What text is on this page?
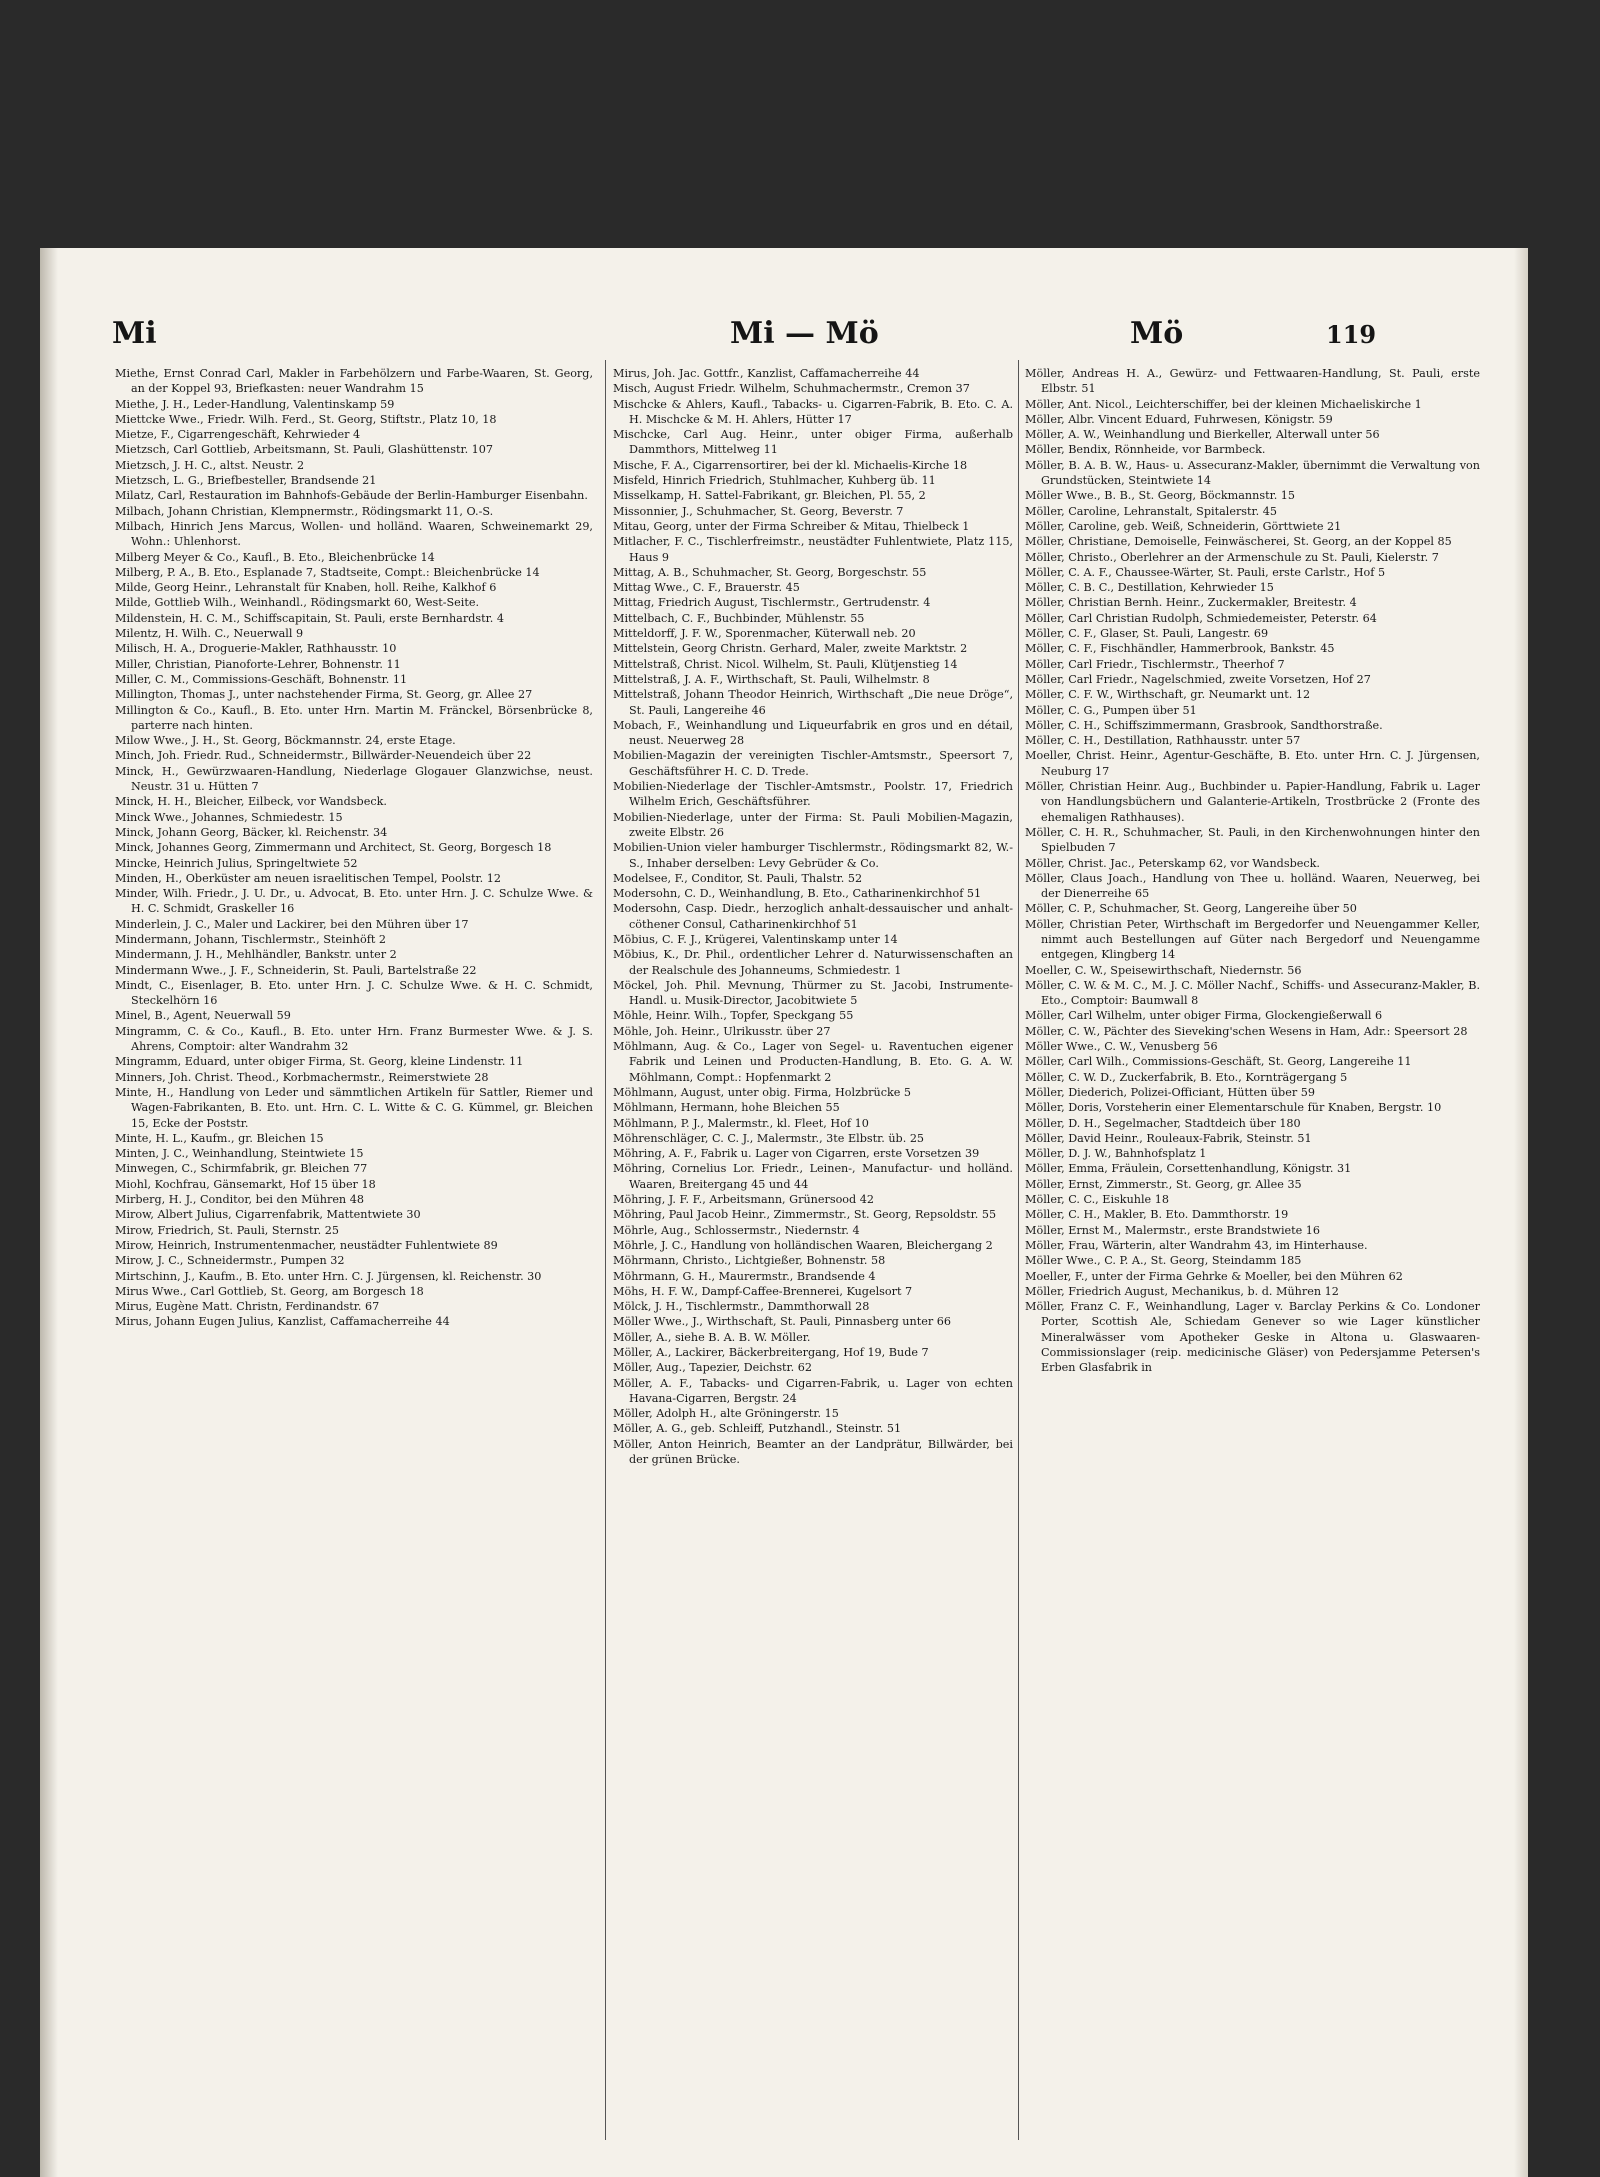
Mi	Mi — Mö	Mö	119
Miethe, Ernst Conrad Carl, Makler in Farbehölzern und Farbe-Waaren, St. Georg, an der Koppel 93, Briefkasten: neuer Wandrahm 15
Miethe, J. H., Leder-Handlung, Valentinskamp 59
Miettcke Wwe., Friedr. Wilh. Ferd., St. Georg, Stiftstr., Platz 10, 18
Mietze, F., Cigarrengeschäft, Kehrwieder 4
Mietzsch, Carl Gottlieb, Arbeitsmann, St. Pauli, Glashüttenstr. 107
Mietzsch, J. H. C., altst. Neustr. 2
Mietzsch, L. G., Briefbesteller, Brandsende 21
Milatz, Carl, Restauration im Bahnhofs-Gebäude der Berlin-Hamburger Eisenbahn.
Milbach, Johann Christian, Klempnermstr., Rödingsmarkt 11, O.-S.
Milbach, Hinrich Jens Marcus, Wollen- und holländ. Waaren, Schweinemarkt 29, Wohn.: Uhlenhorst.
Milberg Meyer & Co., Kaufl., B. Eto., Bleichenbrücke 14
Milberg, P. A., B. Eto., Esplanade 7, Stadtseite, Compt.: Bleichenbrücke 14
Milde, Georg Heinr., Lehranstalt für Knaben, holl. Reihe, Kalkhof 6
Milde, Gottlieb Wilh., Weinhandl., Rödingsmarkt 60, West-Seite.
Mildenstein, H. C. M., Schiffscapitain, St. Pauli, erste Bernhardstr. 4
Milentz, H. Wilh. C., Neuerwall 9
Milisch, H. A., Droguerie-Makler, Rathhausstr. 10
Miller, Christian, Pianoforte-Lehrer, Bohnenstr. 11
Miller, C. M., Commissions-Geschäft, Bohnenstr. 11
Millington, Thomas J., unter nachstehender Firma, St. Georg, gr. Allee 27
Millington & Co., Kaufl., B. Eto. unter Hrn. Martin M. Fränckel, Börsenbrücke 8, parterre nach hinten.
Milow Wwe., J. H., St. Georg, Böckmannstr. 24, erste Etage.
Minch, Joh. Friedr. Rud., Schneidermstr., Billwärder-Neuendeich über 22
Minck, H., Gewürzwaaren-Handlung, Niederlage Glogauer Glanzwichse, neust. Neustr. 31 u. Hütten 7
Minck, H. H., Bleicher, Eilbeck, vor Wandsbeck.
Minck Wwe., Johannes, Schmiedestr. 15
Minck, Johann Georg, Bäcker, kl. Reichenstr. 34
Minck, Johannes Georg, Zimmermann und Architect, St. Georg, Borgesch 18
Mincke, Heinrich Julius, Springeltwiete 52
Minden, H., Oberküster am neuen israelitischen Tempel, Poolstr. 12
Minder, Wilh. Friedr., J. U. Dr., u. Advocat, B. Eto. unter Hrn. J. C. Schulze Wwe. & H. C. Schmidt, Graskeller 16
Minderlein, J. C., Maler und Lackirer, bei den Mühren über 17
Mindermann, Johann, Tischlermstr., Steinhöft 2
Mindermann, J. H., Mehlhändler, Bankstr. unter 2
Mindermann Wwe., J. F., Schneiderin, St. Pauli, Bartelstraße 22
Mindt, C., Eisenlager, B. Eto. unter Hrn. J. C. Schulze Wwe. & H. C. Schmidt, Steckelhörn 16
Minel, B., Agent, Neuerwall 59
Mingramm, C. & Co., Kaufl., B. Eto. unter Hrn. Franz Burmester Wwe. & J. S. Ahrens, Comptoir: alter Wandrahm 32
Mingramm, Eduard, unter obiger Firma, St. Georg, kleine Lindenstr. 11
Minners, Joh. Christ. Theod., Korbmachermstr., Reimerstwiete 28
Minte, H., Handlung von Leder und sämmtlichen Artikeln für Sattler, Riemer und Wagen-Fabrikanten, B. Eto. unt. Hrn. C. L. Witte & C. G. Kümmel, gr. Bleichen 15, Ecke der Poststr.
Minte, H. L., Kaufm., gr. Bleichen 15
Minten, J. C., Weinhandlung, Steintwiete 15
Minwegen, C., Schirmfabrik, gr. Bleichen 77
Miohl, Kochfrau, Gänsemarkt, Hof 15 über 18
Mirberg, H. J., Conditor, bei den Mühren 48
Mirow, Albert Julius, Cigarrenfabrik, Mattentwiete 30
Mirow, Friedrich, St. Pauli, Sternstr. 25
Mirow, Heinrich, Instrumentenmacher, neustädter Fuhlentwiete 89
Mirow, J. C., Schneidermstr., Pumpen 32
Mirtschinn, J., Kaufm., B. Eto. unter Hrn. C. J. Jürgensen, kl. Reichenstr. 30
Mirus Wwe., Carl Gottlieb, St. Georg, am Borgesch 18
Mirus, Eugène Matt. Christn, Ferdinandstr. 67
Mirus, Johann Eugen Julius, Kanzlist, Caffamacherreihe 44
Mirus, Joh. Jac. Gottfr., Kanzlist, Caffamacherreihe 44
Misch, August Friedr. Wilhelm, Schuhmachermstr., Cremon 37
Mischcke & Ahlers, Kaufl., Tabacks- u. Cigarren-Fabrik, B. Eto. C. A. H. Mischcke & M. H. Ahlers, Hütter 17
Mischcke, Carl Aug. Heinr., unter obiger Firma, außerhalb Dammthors, Mittelweg 11
Mische, F. A., Cigarrensortirer, bei der kl. Michaelis-Kirche 18
Misfeld, Hinrich Friedrich, Stuhlmacher, Kuhberg üb. 11
Misselkamp, H. Sattel-Fabrikant, gr. Bleichen, Pl. 55, 2
Missonnier, J., Schuhmacher, St. Georg, Beverstr. 7
Mitau, Georg, unter der Firma Schreiber & Mitau, Thielbeck 1
Mitlacher, F. C., Tischlerfreimstr., neustädter Fuhlentwiete, Platz 115, Haus 9
Mittag, A. B., Schuhmacher, St. Georg, Borgeschstr. 55
Mittag Wwe., C. F., Brauerstr. 45
Mittag, Friedrich August, Tischlermstr., Gertrudenstr. 4
Mittelbach, C. F., Buchbinder, Mühlenstr. 55
Mitteldorff, J. F. W., Sporenmacher, Küterwall neb. 20
Mittelstein, Georg Christn. Gerhard, Maler, zweite Marktstr. 2
Mittelstraß, Christ. Nicol. Wilhelm, St. Pauli, Klütjenstieg 14
Mittelstraß, J. A. F., Wirthschaft, St. Pauli, Wilhelmstr. 8
Mittelstraß, Johann Theodor Heinrich, Wirthschaft „Die neue Dröge“, St. Pauli, Langereihe 46
Mobach, F., Weinhandlung und Liqueurfabrik en gros und en détail, neust. Neuerweg 28
Mobilien-Magazin der vereinigten Tischler-Amtsmstr., Speersort 7, Geschäftsführer H. C. D. Trede.
Mobilien-Niederlage der Tischler-Amtsmstr., Poolstr. 17, Friedrich Wilhelm Erich, Geschäftsführer.
Mobilien-Niederlage, unter der Firma: St. Pauli Mobilien-Magazin, zweite Elbstr. 26
Mobilien-Union vieler hamburger Tischlermstr., Rödingsmarkt 82, W.-S., Inhaber derselben: Levy Gebrüder & Co.
Modelsee, F., Conditor, St. Pauli, Thalstr. 52
Modersohn, C. D., Weinhandlung, B. Eto., Catharinenkirchhof 51
Modersohn, Casp. Diedr., herzoglich anhalt-dessauischer und anhalt-cöthener Consul, Catharinenkirchhof 51
Möbius, C. F. J., Krügerei, Valentinskamp unter 14
Möbius, K., Dr. Phil., ordentlicher Lehrer d. Naturwissenschaften an der Realschule des Johanneums, Schmiedestr. 1
Möckel, Joh. Phil. Mevnung, Thürmer zu St. Jacobi, Instrumente-Handl. u. Musik-Director, Jacobitwiete 5
Möhle, Heinr. Wilh., Topfer, Speckgang 55
Möhle, Joh. Heinr., Ulrikusstr. über 27
Möhlmann, Aug. & Co., Lager von Segel- u. Raventuchen eigener Fabrik und Leinen und Producten-Handlung, B. Eto. G. A. W. Möhlmann, Compt.: Hopfenmarkt 2
Möhlmann, August, unter obig. Firma, Holzbrücke 5
Möhlmann, Hermann, hohe Bleichen 55
Möhlmann, P. J., Malermstr., kl. Fleet, Hof 10
Möhrenschläger, C. C. J., Malermstr., 3te Elbstr. üb. 25
Möhring, A. F., Fabrik u. Lager von Cigarren, erste Vorsetzen 39
Möhring, Cornelius Lor. Friedr., Leinen-, Manufactur- und holländ. Waaren, Breitergang 45 und 44
Möhring, J. F. F., Arbeitsmann, Grünersood 42
Möhring, Paul Jacob Heinr., Zimmermstr., St. Georg, Repsoldstr. 55
Möhrle, Aug., Schlossermstr., Niedernstr. 4
Möhrle, J. C., Handlung von holländischen Waaren, Bleichergang 2
Möhrmann, Christo., Lichtgießer, Bohnenstr. 58
Möhrmann, G. H., Maurermstr., Brandsende 4
Möhs, H. F. W., Dampf-Caffee-Brennerei, Kugelsort 7
Mölck, J. H., Tischlermstr., Dammthorwall 28
Möller Wwe., J., Wirthschaft, St. Pauli, Pinnasberg unter 66
Möller, A., siehe B. A. B. W. Möller.
Möller, A., Lackirer, Bäckerbreitergang, Hof 19, Bude 7
Möller, Aug., Tapezier, Deichstr. 62
Möller, A. F., Tabacks- und Cigarren-Fabrik, u. Lager von echten Havana-Cigarren, Bergstr. 24
Möller, Adolph H., alte Gröningerstr. 15
Möller, A. G., geb. Schleiff, Putzhandl., Steinstr. 51
Möller, Anton Heinrich, Beamter an der Landprätur, Billwärder, bei der grünen Brücke.
Möller, Andreas H. A., Gewürz- und Fettwaaren-Handlung, St. Pauli, erste Elbstr. 51
Möller, Ant. Nicol., Leichterschiffer, bei der kleinen Michaeliskirche 1
Möller, Albr. Vincent Eduard, Fuhrwesen, Königstr. 59
Möller, A. W., Weinhandlung und Bierkeller, Alterwall unter 56
Möller, Bendix, Rönnheide, vor Barmbeck.
Möller, B. A. B. W., Haus- u. Assecuranz-Makler, übernimmt die Verwaltung von Grundstücken, Steintwiete 14
Möller Wwe., B. B., St. Georg, Böckmannstr. 15
Möller, Caroline, Lehranstalt, Spitalerstr. 45
Möller, Caroline, geb. Weiß, Schneiderin, Görttwiete 21
Möller, Christiane, Demoiselle, Feinwäscherei, St. Georg, an der Koppel 85
Möller, Christo., Oberlehrer an der Armenschule zu St. Pauli, Kielerstr. 7
Möller, C. A. F., Chaussee-Wärter, St. Pauli, erste Carlstr., Hof 5
Möller, C. B. C., Destillation, Kehrwieder 15
Möller, Christian Bernh. Heinr., Zuckermakler, Breitestr. 4
Möller, Carl Christian Rudolph, Schmiedemeister, Peterstr. 64
Möller, C. F., Glaser, St. Pauli, Langestr. 69
Möller, C. F., Fischhändler, Hammerbrook, Bankstr. 45
Möller, Carl Friedr., Tischlermstr., Theerhof 7
Möller, Carl Friedr., Nagelschmied, zweite Vorsetzen, Hof 27
Möller, C. F. W., Wirthschaft, gr. Neumarkt unt. 12
Möller, C. G., Pumpen über 51
Möller, C. H., Schiffszimmermann, Grasbrook, Sandthorstraße.
Möller, C. H., Destillation, Rathhausstr. unter 57
Moeller, Christ. Heinr., Agentur-Geschäfte, B. Eto. unter Hrn. C. J. Jürgensen, Neuburg 17
Möller, Christian Heinr. Aug., Buchbinder u. Papier-Handlung, Fabrik u. Lager von Handlungsbüchern und Galanterie-Artikeln, Trostbrücke 2 (Fronte des ehemaligen Rathhauses).
Möller, C. H. R., Schuhmacher, St. Pauli, in den Kirchenwohnungen hinter den Spielbuden 7
Möller, Christ. Jac., Peterskamp 62, vor Wandsbeck.
Möller, Claus Joach., Handlung von Thee u. holländ. Waaren, Neuerweg, bei der Dienerreihe 65
Möller, C. P., Schuhmacher, St. Georg, Langereihe über 50
Möller, Christian Peter, Wirthschaft im Bergedorfer und Neuengammer Keller, nimmt auch Bestellungen auf Güter nach Bergedorf und Neuengamme entgegen, Klingberg 14
Moeller, C. W., Speisewirthschaft, Niedernstr. 56
Möller, C. W. & M. C., M. J. C. Möller Nachf., Schiffs- und Assecuranz-Makler, B. Eto., Comptoir: Baumwall 8
Möller, Carl Wilhelm, unter obiger Firma, Glockengießerwall 6
Möller, C. W., Pächter des Sieveking'schen Wesens in Ham, Adr.: Speersort 28
Möller Wwe., C. W., Venusberg 56
Möller, Carl Wilh., Commissions-Geschäft, St. Georg, Langereihe 11
Möller, C. W. D., Zuckerfabrik, B. Eto., Kornträgergang 5
Möller, Diederich, Polizei-Officiant, Hütten über 59
Möller, Doris, Vorsteherin einer Elementarschule für Knaben, Bergstr. 10
Möller, D. H., Segelmacher, Stadtdeich über 180
Möller, David Heinr., Rouleaux-Fabrik, Steinstr. 51
Möller, D. J. W., Bahnhofsplatz 1
Möller, Emma, Fräulein, Corsettenhandlung, Königstr. 31
Möller, Ernst, Zimmerstr., St. Georg, gr. Allee 35
Möller, C. C., Eiskuhle 18
Möller, C. H., Makler, B. Eto. Dammthorstr. 19
Möller, Ernst M., Malermstr., erste Brandstwiete 16
Möller, Frau, Wärterin, alter Wandrahm 43, im Hinterhause.
Möller Wwe., C. P. A., St. Georg, Steindamm 185
Moeller, F., unter der Firma Gehrke & Moeller, bei den Mühren 62
Möller, Friedrich August, Mechanikus, b. d. Mühren 12
Möller, Franz C. F., Weinhandlung, Lager v. Barclay Perkins & Co. Londoner Porter, Scottish Ale, Schiedam Genever so wie Lager künstlicher Mineralwässer vom Apotheker Geske in Altona u. Glaswaaren-Commissionslager (reip. medicinische Gläser) von Pedersjamme Petersen's Erben Glasfabrik in
